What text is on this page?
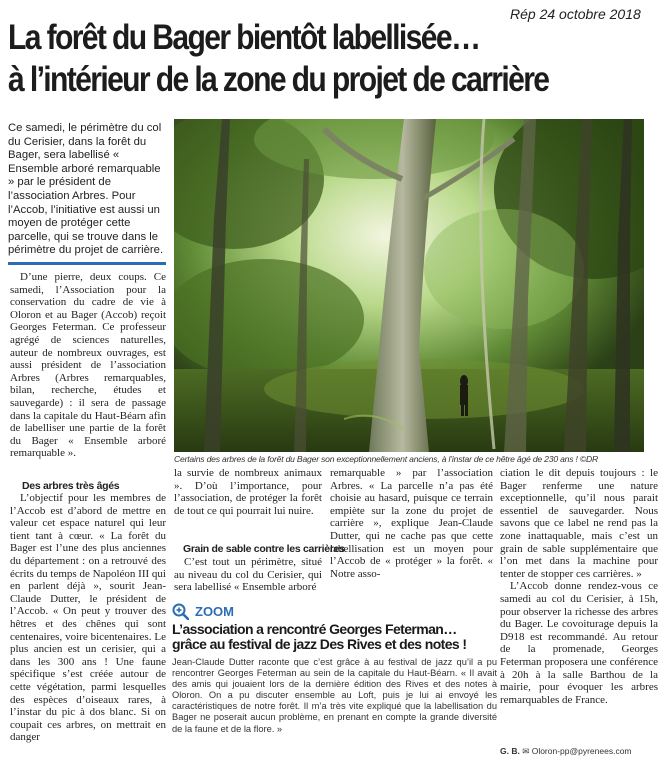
Rép 24 octobre 2018
La forêt du Bager bientôt labellisée…
à l’intérieur de la zone du projet de carrière
Ce samedi, le périmètre du col du Cerisier, dans la forêt du Bager, sera labellisé « Ensemble arboré remarquable » par le président de l’association Arbres. Pour l’Accob, l’initiative est aussi un moyen de protéger cette parcelle, qui se trouve dans le périmètre du projet de carrière.
Certains des arbres de la forêt du Bager son exceptionnellement anciens, à l’instar de ce hêtre âgé de 230 ans ! ©DR

D’une pierre, deux coups. Ce samedi, l’Association pour la conservation du cadre de vie à Oloron et au Bager (Accob) reçoit Georges Feterman. Ce professeur agrégé de sciences naturelles, auteur de nombreux ouvrages, est aussi président de l’association Arbres (Arbres remarquables, bilan, recherche, études et sauvegarde) : il sera de passage dans la capitale du Haut-Béarn afin de labelliser une partie de la forêt du Bager « Ensemble arboré remarquable ».

Des arbres très âgés

L’objectif pour les membres de l’Accob est d’abord de mettre en valeur cet espace naturel qui leur tient tant à cœur. « La forêt du Bager est l’une des plus anciennes du département : on a retrouvé des écrits du temps de Napoléon III qui en parlent déjà », sourit Jean-Claude Dutter, le président de l’Accob. « On peut y trouver des hêtres et des chênes qui sont centenaires, voire bicentenaires. Le plus ancien est un cerisier, qui a dans les 300 ans ! Une faune spécifique s’est créée autour de cette végétation, parmi lesquelles des espèces d’oiseaux rares, à l’instar du pic à dos blanc. Si on coupait ces arbres, on mettrait en danger

la survie de nombreux animaux ». D’où l’importance, pour l’association, de protéger la forêt de tout ce qui pourrait lui nuire.

Grain de sable contre les carrières

C’est tout un périmètre, situé au niveau du col du Cerisier, qui sera labellisé « Ensemble arboré

remarquable » par l’association Arbres. « La parcelle n’a pas été choisie au hasard, puisque ce terrain empiète sur la zone du projet de carrière », explique Jean-Claude Dutter, qui ne cache pas que cette labellisation est un moyen pour l’Accob de « protéger » la forêt. « Notre asso-

ciation le dit depuis toujours : le Bager renferme une nature exceptionnelle, qu’il nous parait essentiel de sauvegarder. Nous savons que ce label ne rend pas la zone inattaquable, mais c’est un grain de sable supplémentaire que l’on met dans la machine pour tenter de stopper ces carrières. »

L’Accob donne rendez-vous ce samedi au col du Cerisier, à 15h, pour observer la richesse des arbres du Bager. Le covoiturage depuis la D918 est recommandé. Au retour de la promenade, Georges Feterman proposera une conférence à 20h à la salle Barthou de la mairie, pour évoquer les arbres remarquables de France.

ZOOM
L’association a rencontré Georges Feterman…
grâce au festival de jazz Des Rives et des notes !
Jean-Claude Dutter raconte que c’est grâce à au festival de jazz qu’il a pu rencontrer Georges Feterman au sein de la capitale du Haut-Béarn. « Il avait des amis qui jouaient lors de la dernière édition des Rives et des notes à Oloron. On a pu discuter ensemble au Loft, puis je lui ai envoyé les caractéristiques de notre forêt. Il m’a très vite expliqué que la labellisation du Bager ne poserait aucun problème, en prenant en compte la grande diversité de la faune et de la flore. »
G. B. ✉ Oloron-pp@pyrenees.com
